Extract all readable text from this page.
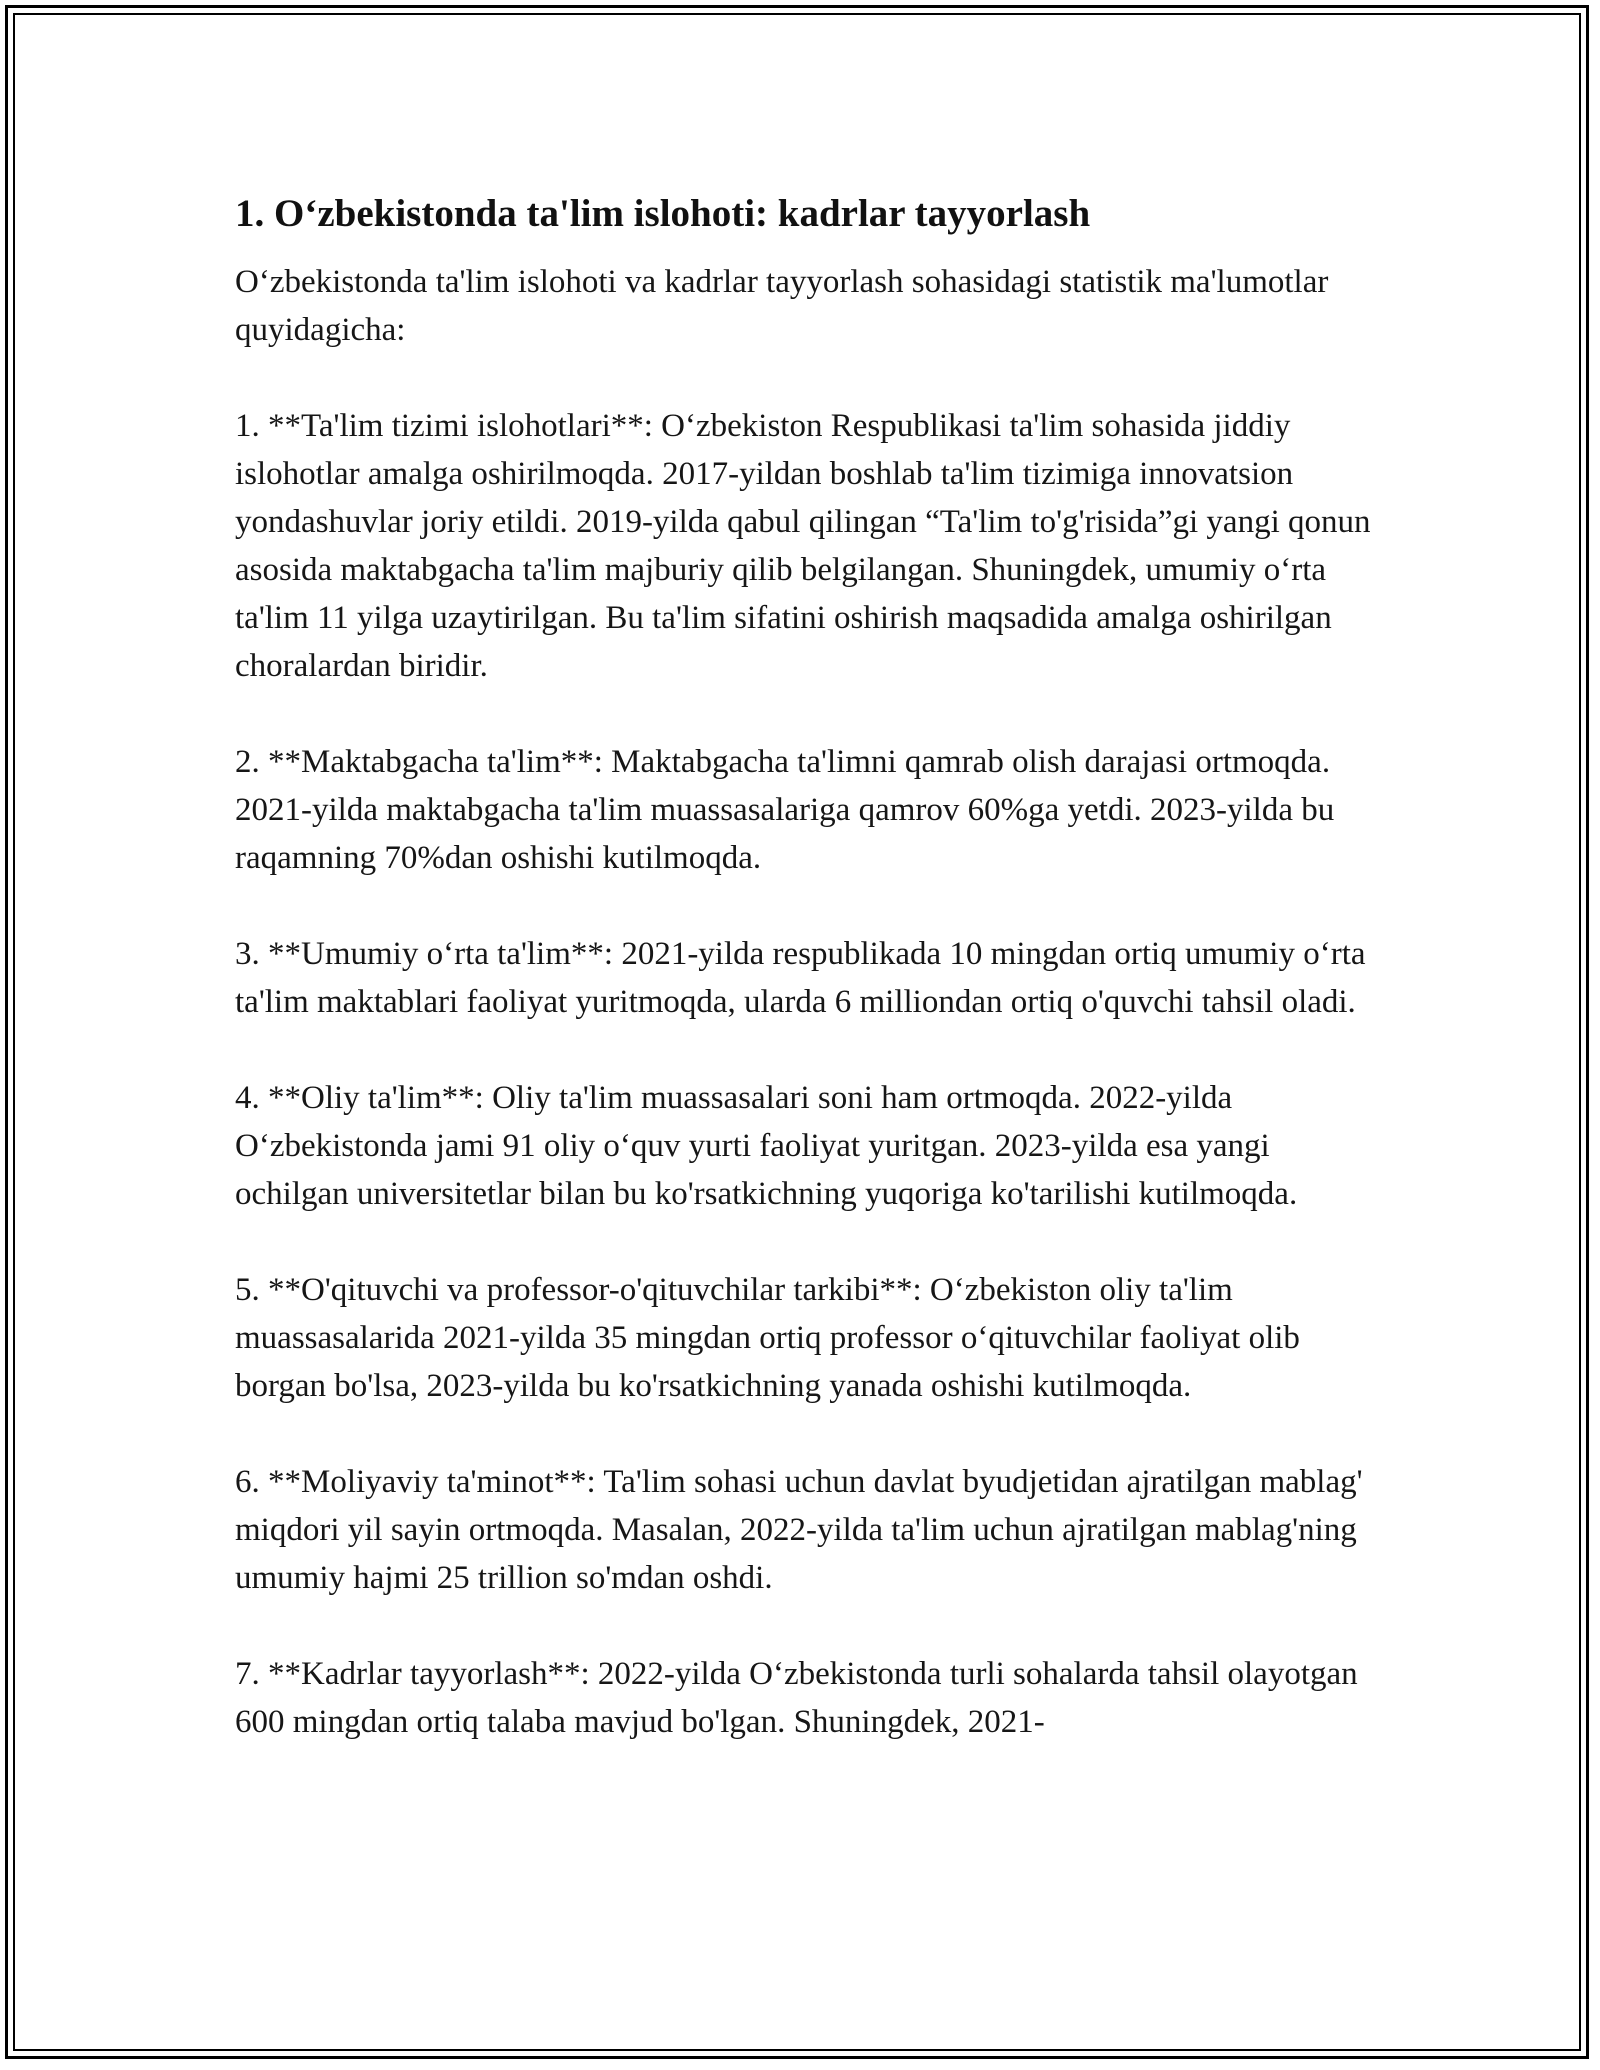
1. O‘zbekistonda ta'lim islohoti: kadrlar tayyorlash

O‘zbekistonda ta'lim islohoti va kadrlar tayyorlash sohasidagi statistik ma'lumotlar quyidagicha:

1. **Ta'lim tizimi islohotlari**: O‘zbekiston Respublikasi ta'lim sohasida jiddiy islohotlar amalga oshirilmoqda. 2017-yildan boshlab ta'lim tizimiga innovatsion yondashuvlar joriy etildi. 2019-yilda qabul qilingan “Ta'lim to'g'risida”gi yangi qonun asosida maktabgacha ta'lim majburiy qilib belgilangan. Shuningdek, umumiy o‘rta ta'lim 11 yilga uzaytirilgan. Bu ta'lim sifatini oshirish maqsadida amalga oshirilgan choralardan biridir.

2. **Maktabgacha ta'lim**: Maktabgacha ta'limni qamrab olish darajasi ortmoqda. 2021-yilda maktabgacha ta'lim muassasalariga qamrov 60%ga yetdi. 2023-yilda bu raqamning 70%dan oshishi kutilmoqda.

3. **Umumiy o‘rta ta'lim**: 2021-yilda respublikada 10 mingdan ortiq umumiy o‘rta ta'lim maktablari faoliyat yuritmoqda, ularda 6 milliondan ortiq o'quvchi tahsil oladi.

4. **Oliy ta'lim**: Oliy ta'lim muassasalari soni ham ortmoqda. 2022-yilda O‘zbekistonda jami 91 oliy o‘quv yurti faoliyat yuritgan. 2023-yilda esa yangi ochilgan universitetlar bilan bu ko'rsatkichning yuqoriga ko'tarilishi kutilmoqda.

5. **O'qituvchi va professor-o'qituvchilar tarkibi**: O‘zbekiston oliy ta'lim muassasalarida 2021-yilda 35 mingdan ortiq professor o‘qituvchilar faoliyat olib borgan bo'lsa, 2023-yilda bu ko'rsatkichning yanada oshishi kutilmoqda.

6. **Moliyaviy ta'minot**: Ta'lim sohasi uchun davlat byudjetidan ajratilgan mablag' miqdori yil sayin ortmoqda. Masalan, 2022-yilda ta'lim uchun ajratilgan mablag'ning umumiy hajmi 25 trillion so'mdan oshdi.

7. **Kadrlar tayyorlash**: 2022-yilda O‘zbekistonda turli sohalarda tahsil olayotgan 600 mingdan ortiq talaba mavjud bo'lgan. Shuningdek, 2021-
